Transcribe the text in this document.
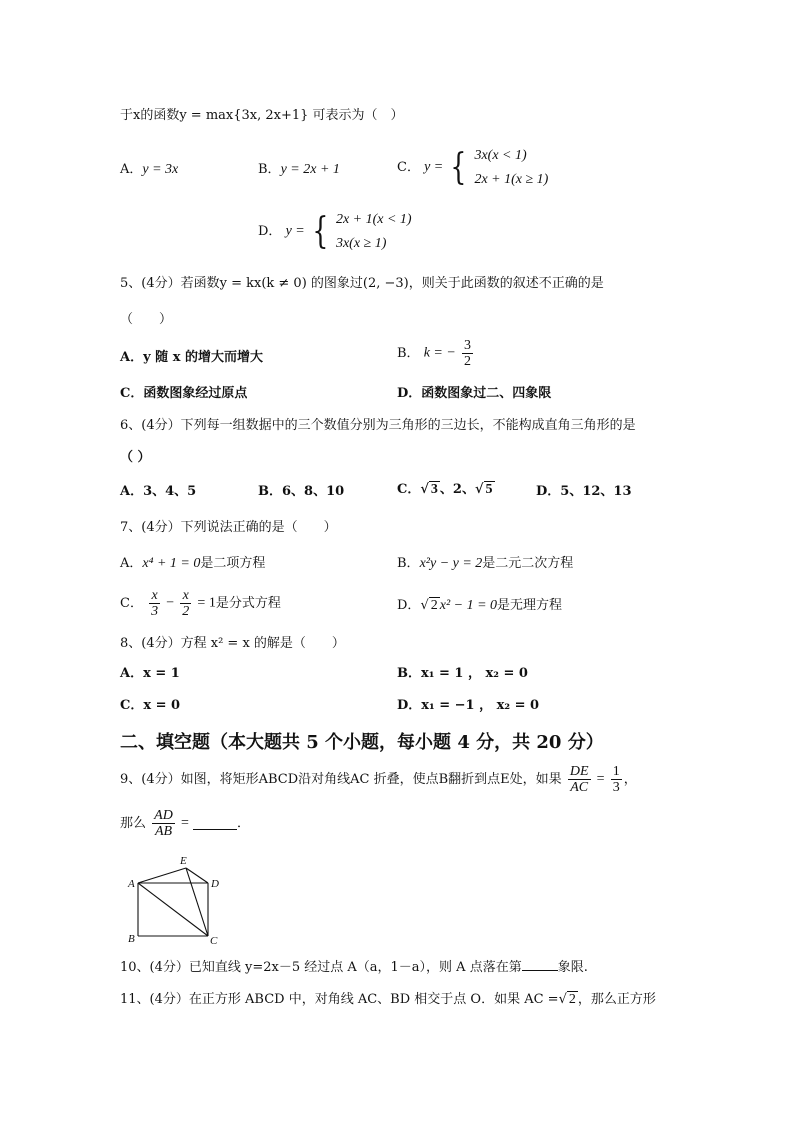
于x的函数y = max{3x, 2x+1} 可表示为（　）
A．y = 3x	B．y = 2x + 1	C． y = { 3x(x < 1)
2x + 1(x ≥ 1)
D． y = { 2x + 1(x < 1)
3x(x ≥ 1)
5、(4分）若函数y = kx(k ≠ 0) 的图象过(2, −3)，则关于此函数的叙述不正确的是
（　　）
A．y 随 x 的增大而增大	B． k = − $\frac{3}{2}$
C．函数图象经过原点	D．函数图象过二、四象限
6、(4分）下列每一组数据中的三个数值分别为三角形的三边长，不能构成直角三角形的是
（ ）
A．3、4、5	B．6、8、10	C．√ 3 、2、√ 5	D．5、12、13
7、(4分）下列说法正确的是（　　）
A．x⁴ + 1 = 0是二项方程	B．x²y − y = 2是二元二次方程
C． $\frac{x}{3} - \frac{x}{2} = 1$是分式方程	D．√ 2 x² − 1 = 0是无理方程
8、(4分）方程 x² = x 的解是（　　）
A．x = 1	B．x₁ = 1 ， x₂ = 0
C．x = 0	D．x₁ = −1 ， x₂ = 0
二、填空题（本大题共 5 个小题，每小题 4 分，共 20 分）
9、(4分）如图，将矩形ABCD沿对角线AC 折叠，使点B翻折到点E处，如果 $\frac{DE}{AC} = \frac{1}{3}$ ，
那么 $\frac{AD}{AB}$ =	．
A
B	C
D
E
10、(4分）已知直线 y=2x－5 经过点 A（a，1－a），则 A 点落在第	象限.
11、(4分）在正方形 ABCD 中，对角线 AC、BD 相交于点 O．如果 AC =√ 2 ，那么正方形
